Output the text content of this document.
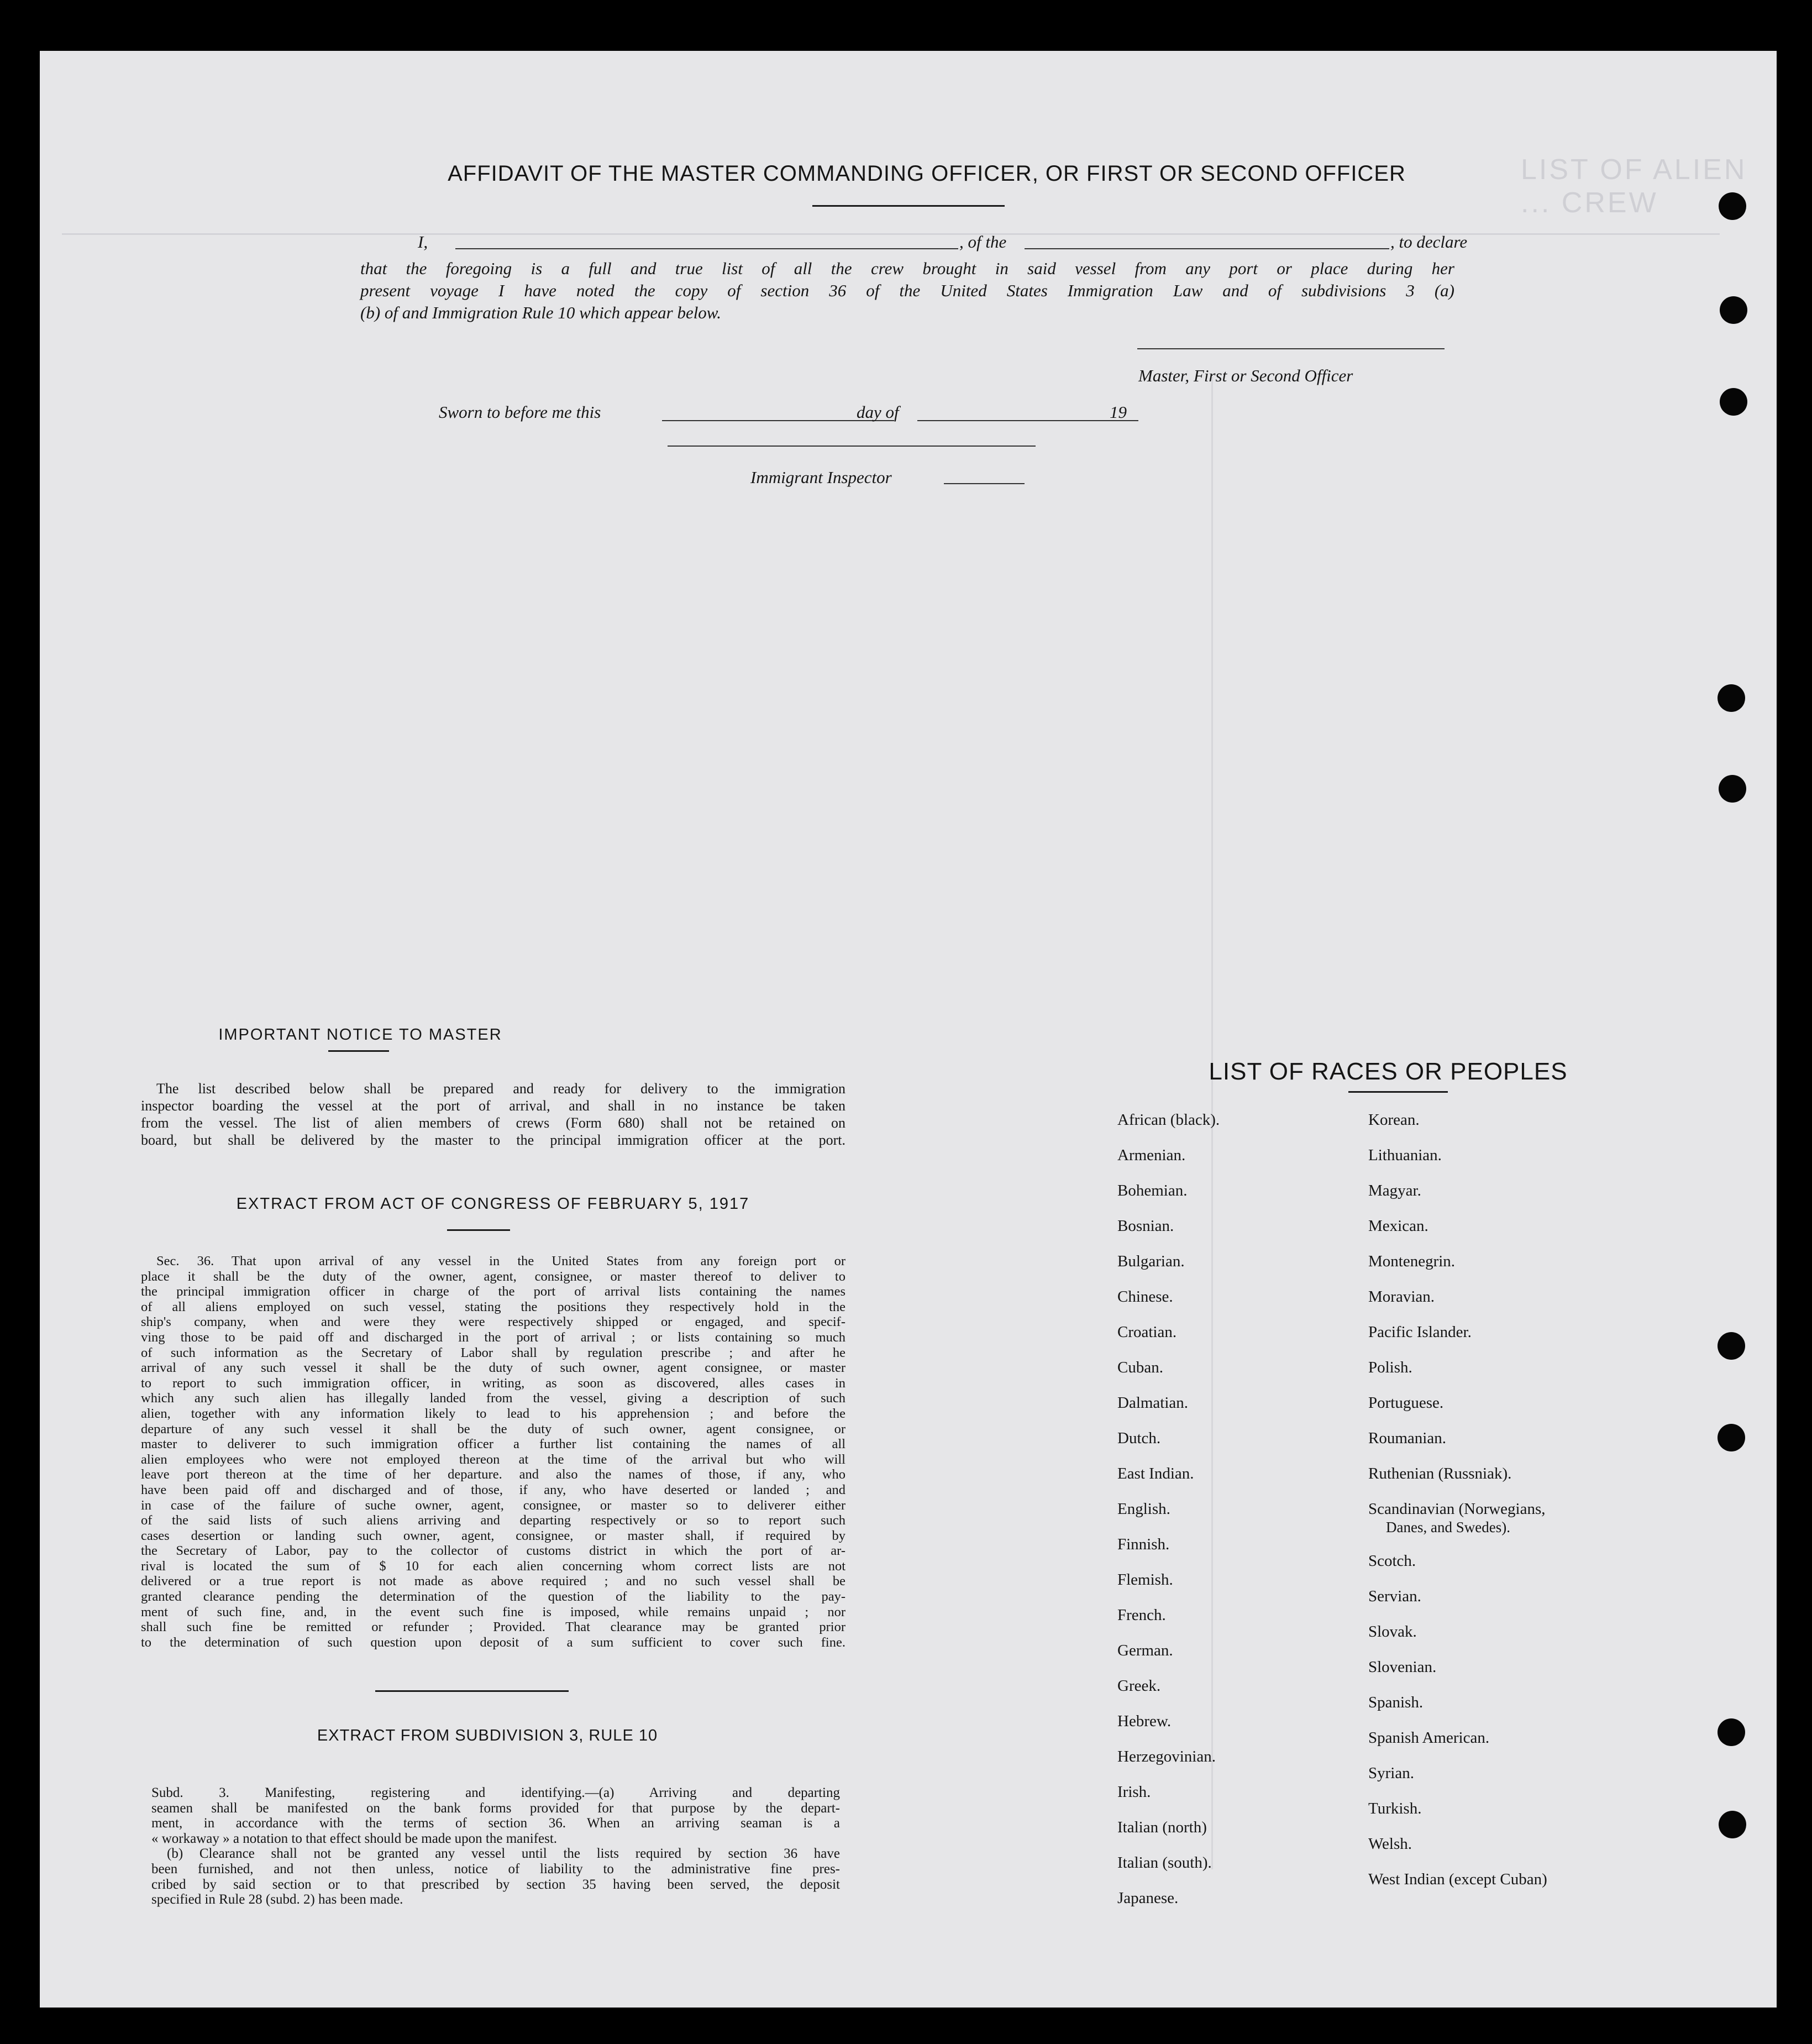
LIST OF ALIEN ... CREW
AFFIDAVIT OF THE MASTER COMMANDING OFFICER, OR FIRST OR SECOND OFFICER
I,	, of the	, to declare
that the foregoing is a full and true list of all the crew brought in said vessel from any port or place during her
present voyage I have noted the copy of section 36 of the United States Immigration Law and of subdivisions 3 (a)
(b) of and Immigration Rule 10 which appear below.
Master, First or Second Officer
Sworn to before me this	day of	19
Immigrant Inspector
IMPORTANT NOTICE TO MASTER
The list described below shall be prepared and ready for delivery to the immigration
inspector boarding the vessel at the port of arrival, and shall in no instance be taken
from the vessel. The list of alien members of crews (Form 680) shall not be retained on
board, but shall be delivered by the master to the principal immigration officer at the port.
EXTRACT FROM ACT OF CONGRESS OF FEBRUARY 5, 1917
Sec. 36. That upon arrival of any vessel in the United States from any foreign port or
place it shall be the duty of the owner, agent, consignee, or master thereof to deliver to
the principal immigration officer in charge of the port of arrival lists containing the names
of all aliens employed on such vessel, stating the positions they respectively hold in the
ship's company, when and were they were respectively shipped or engaged, and specif-
ving those to be paid off and discharged in the port of arrival ; or lists containing so much
of such information as the Secretary of Labor shall by regulation prescribe ; and after he
arrival of any such vessel it shall be the duty of such owner, agent consignee, or master
to report to such immigration officer, in writing, as soon as discovered, alles cases in
which any such alien has illegally landed from the vessel, giving a description of such
alien, together with any information likely to lead to his apprehension ; and before the
departure of any such vessel it shall be the duty of such owner, agent consignee, or
master to deliverer to such immigration officer a further list containing the names of all
alien employees who were not employed thereon at the time of the arrival but who will
leave port thereon at the time of her departure. and also the names of those, if any, who
have been paid off and discharged and of those, if any, who have deserted or landed ; and
in case of the failure of suche owner, agent, consignee, or master so to deliverer either
of the said lists of such aliens arriving and departing respectively or so to report such
cases desertion or landing such owner, agent, consignee, or master shall, if required by
the Secretary of Labor, pay to the collector of customs district in which the port of ar-
rival is located the sum of $ 10 for each alien concerning whom correct lists are not
delivered or a true report is not made as above required ; and no such vessel shall be
granted clearance pending the determination of the question of the liability to the pay-
ment of such fine, and, in the event such fine is imposed, while remains unpaid ; nor
shall such fine be remitted or refunder ; Provided. That clearance may be granted prior
to the determination of such question upon deposit of a sum sufficient to cover such fine.
EXTRACT FROM SUBDIVISION 3, RULE 10
Subd. 3. Manifesting, registering and identifying.—(a) Arriving and departing
seamen shall be manifested on the bank forms provided for that purpose by the depart-
ment, in accordance with the terms of section 36. When an arriving seaman is a
« workaway » a notation to that effect should be made upon the manifest.
(b) Clearance shall not be granted any vessel until the lists required by section 36 have
been furnished, and not then unless, notice of liability to the administrative fine pres-
cribed by said section or to that prescribed by section 35 having been served, the deposit
specified in Rule 28 (subd. 2) has been made.
LIST OF RACES OR PEOPLES
African (black).
Armenian.
Bohemian.
Bosnian.
Bulgarian.
Chinese.
Croatian.
Cuban.
Dalmatian.
Dutch.
East Indian.
English.
Finnish.
Flemish.
French.
German.
Greek.
Hebrew.
Herzegovinian.
Irish.
Italian (north)
Italian (south).
Japanese.
Korean.
Lithuanian.
Magyar.
Mexican.
Montenegrin.
Moravian.
Pacific Islander.
Polish.
Portuguese.
Roumanian.
Ruthenian (Russniak).
Scandinavian (Norwegians,
Danes, and Swedes).
Scotch.
Servian.
Slovak.
Slovenian.
Spanish.
Spanish American.
Syrian.
Turkish.
Welsh.
West Indian (except Cuban)
